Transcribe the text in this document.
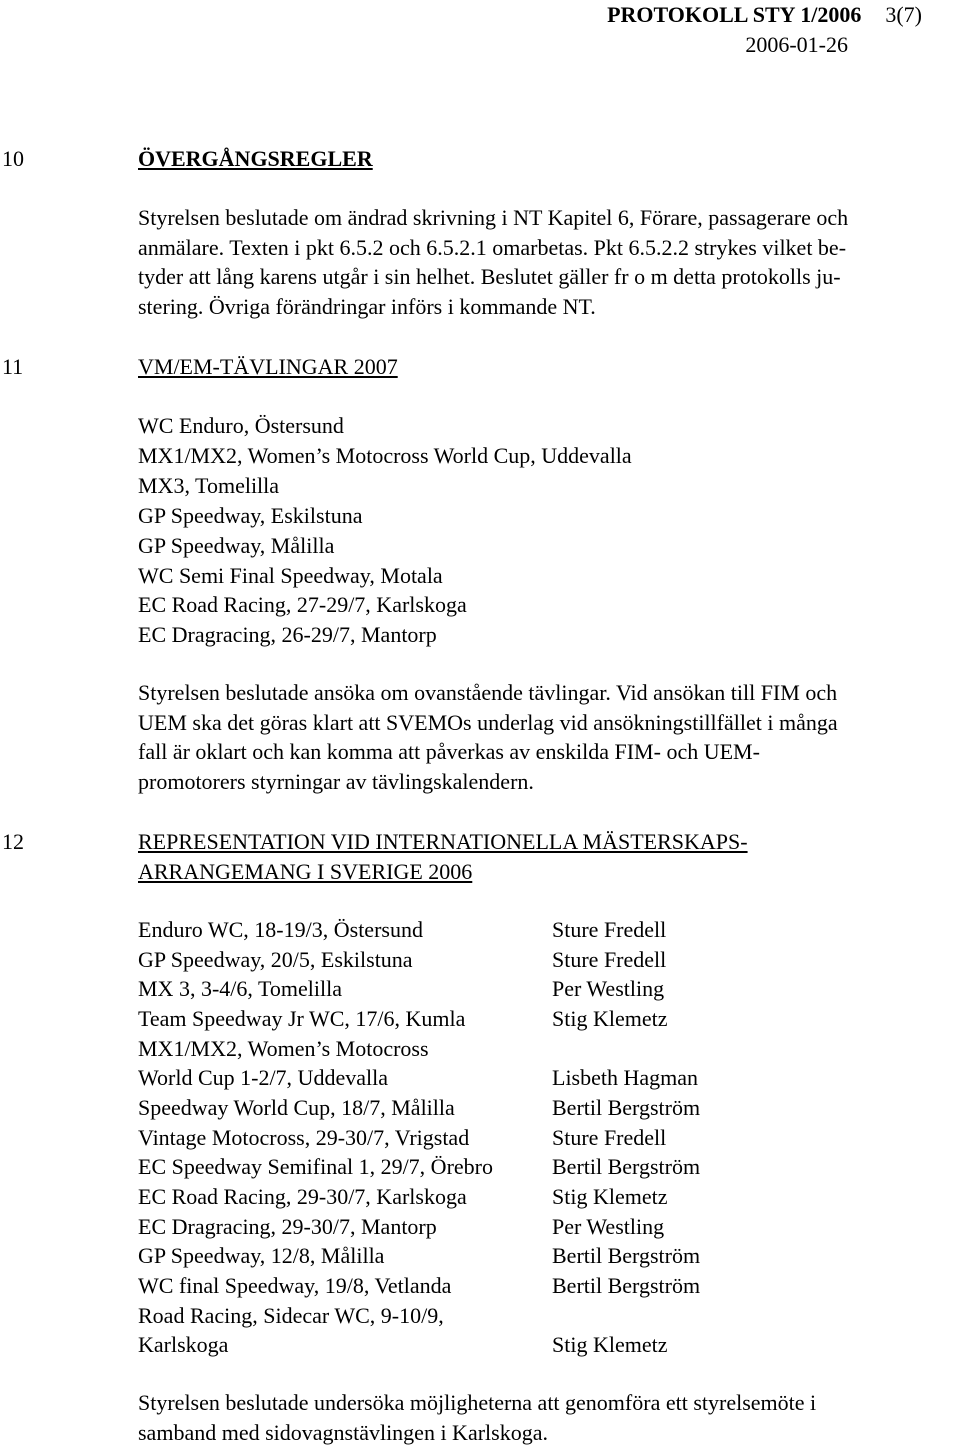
PROTOKOLL STY 1/2006 3(7)
2006-01-26
10	ÖVERGÅNGSREGLER
Styrelsen beslutade om ändrad skrivning i NT Kapitel 6, Förare, passagerare och
anmälare. Texten i pkt 6.5.2 och 6.5.2.1 omarbetas. Pkt 6.5.2.2 strykes vilket be-
tyder att lång karens utgår i sin helhet. Beslutet gäller fr o m detta protokolls ju-
stering. Övriga förändringar införs i kommande NT.
11	VM/EM-TÄVLINGAR 2007
WC Enduro, Östersund
MX1/MX2, Women’s Motocross World Cup, Uddevalla
MX3, Tomelilla
GP Speedway, Eskilstuna
GP Speedway, Målilla
WC Semi Final Speedway, Motala
EC Road Racing, 27-29/7, Karlskoga
EC Dragracing, 26-29/7, Mantorp
Styrelsen beslutade ansöka om ovanstående tävlingar. Vid ansökan till FIM och
UEM ska det göras klart att SVEMOs underlag vid ansökningstillfället i många
fall är oklart och kan komma att påverkas av enskilda FIM- och UEM-
promotorers styrningar av tävlingskalendern.
12	REPRESENTATION VID INTERNATIONELLA MÄSTERSKAPS-
ARRANGEMANG I SVERIGE 2006
Enduro WC, 18-19/3, Östersund	Sture Fredell
GP Speedway, 20/5, Eskilstuna	Sture Fredell
MX 3, 3-4/6, Tomelilla	Per Westling
Team Speedway Jr WC, 17/6, Kumla	Stig Klemetz
MX1/MX2, Women’s Motocross	
World Cup 1-2/7, Uddevalla	Lisbeth Hagman
Speedway World Cup, 18/7, Målilla	Bertil Bergström
Vintage Motocross, 29-30/7, Vrigstad	Sture Fredell
EC Speedway Semifinal 1, 29/7, Örebro	Bertil Bergström
EC Road Racing, 29-30/7, Karlskoga	Stig Klemetz
EC Dragracing, 29-30/7, Mantorp	Per Westling
GP Speedway, 12/8, Målilla	Bertil Bergström
WC final Speedway, 19/8, Vetlanda	Bertil Bergström
Road Racing, Sidecar WC, 9-10/9,	
Karlskoga	Stig Klemetz
Styrelsen beslutade undersöka möjligheterna att genomföra ett styrelsemöte i
samband med sidovagnstävlingen i Karlskoga.
